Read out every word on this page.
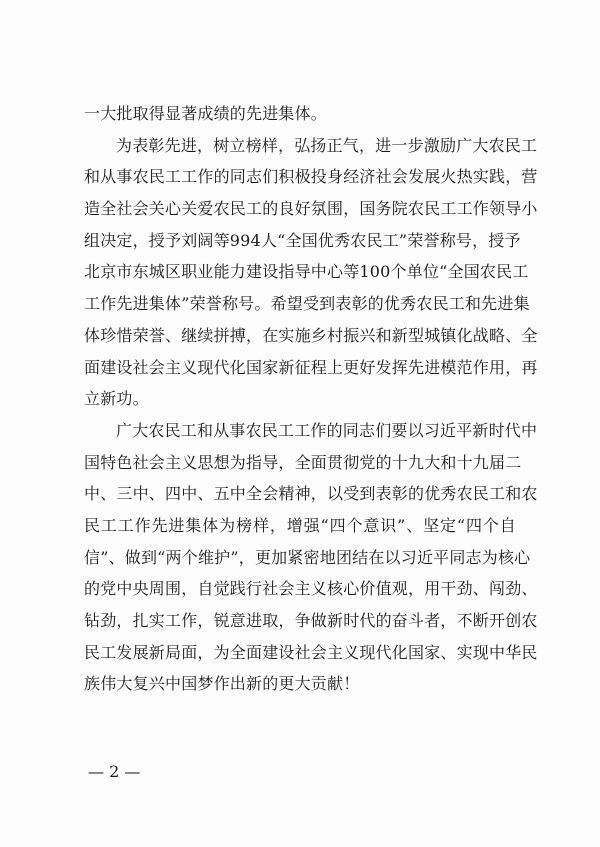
一大批取得显著成绩的先进集体。
为表彰先进，树立榜样，弘扬正气，进一步激励广大农民工
和从事农民工工作的同志们积极投身经济社会发展火热实践，营
造全社会关心关爱农民工的良好氛围，国务院农民工工作领导小
组决定，授予刘阔等994人“全国优秀农民工”荣誉称号，授予
北京市东城区职业能力建设指导中心等100个单位“全国农民工
工作先进集体”荣誉称号。希望受到表彰的优秀农民工和先进集
体珍惜荣誉、继续拼搏，在实施乡村振兴和新型城镇化战略、全
面建设社会主义现代化国家新征程上更好发挥先进模范作用，再
立新功。
广大农民工和从事农民工工作的同志们要以习近平新时代中
国特色社会主义思想为指导，全面贯彻党的十九大和十九届二
中、三中、四中、五中全会精神，以受到表彰的优秀农民工和农
民工工作先进集体为榜样，增强“四个意识”、坚定“四个自
信”、做到“两个维护”，更加紧密地团结在以习近平同志为核心
的党中央周围，自觉践行社会主义核心价值观，用干劲、闯劲、
钻劲，扎实工作，锐意进取，争做新时代的奋斗者，不断开创农
民工发展新局面，为全面建设社会主义现代化国家、实现中华民
族伟大复兴中国梦作出新的更大贡献！
— 2 —
